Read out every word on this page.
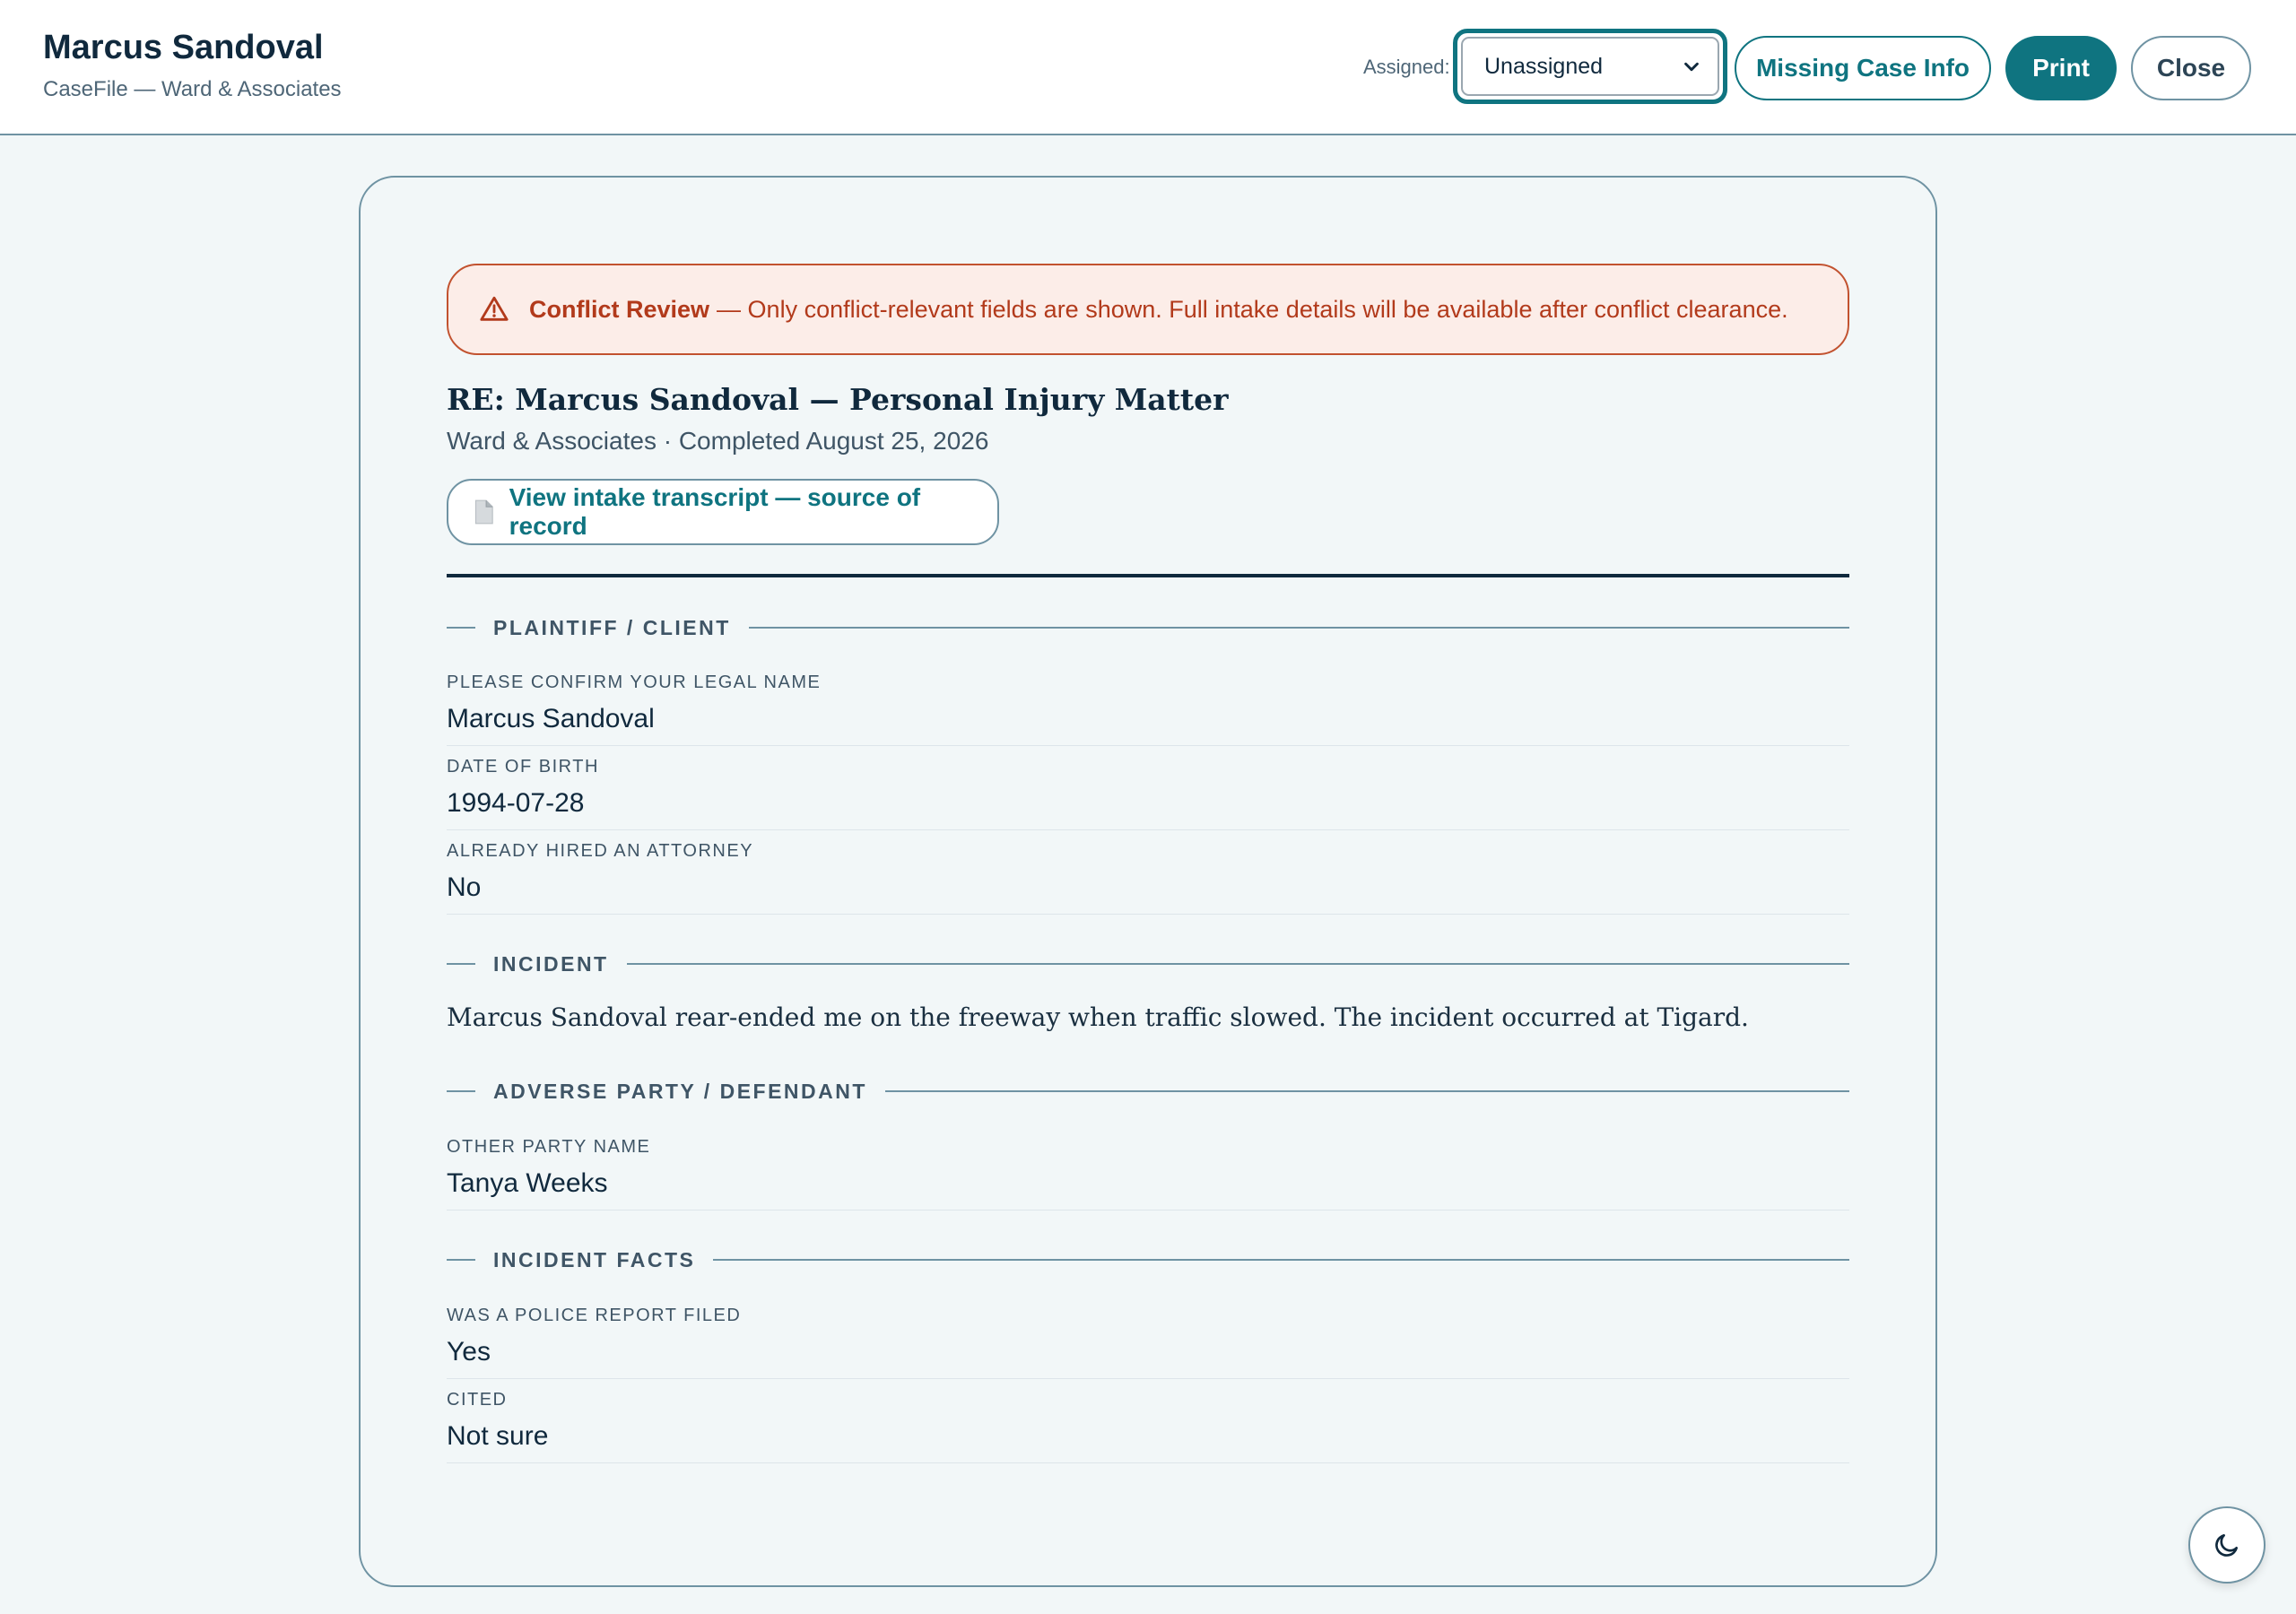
Marcus Sandoval
CaseFile — Ward & Associates
Assigned: Unassigned	Missing Case Info	Print	Close
Conflict Review — Only conflict-relevant fields are shown. Full intake details will be available after conflict clearance.
RE: Marcus Sandoval — Personal Injury Matter
Ward & Associates · Completed August 25, 2026
View intake transcript — source of record
PLAINTIFF / CLIENT
PLEASE CONFIRM YOUR LEGAL NAME
Marcus Sandoval
DATE OF BIRTH
1994-07-28
ALREADY HIRED AN ATTORNEY
No
INCIDENT
Marcus Sandoval rear-ended me on the freeway when traffic slowed. The incident occurred at Tigard.
ADVERSE PARTY / DEFENDANT
OTHER PARTY NAME
Tanya Weeks
INCIDENT FACTS
WAS A POLICE REPORT FILED
Yes
CITED
Not sure
